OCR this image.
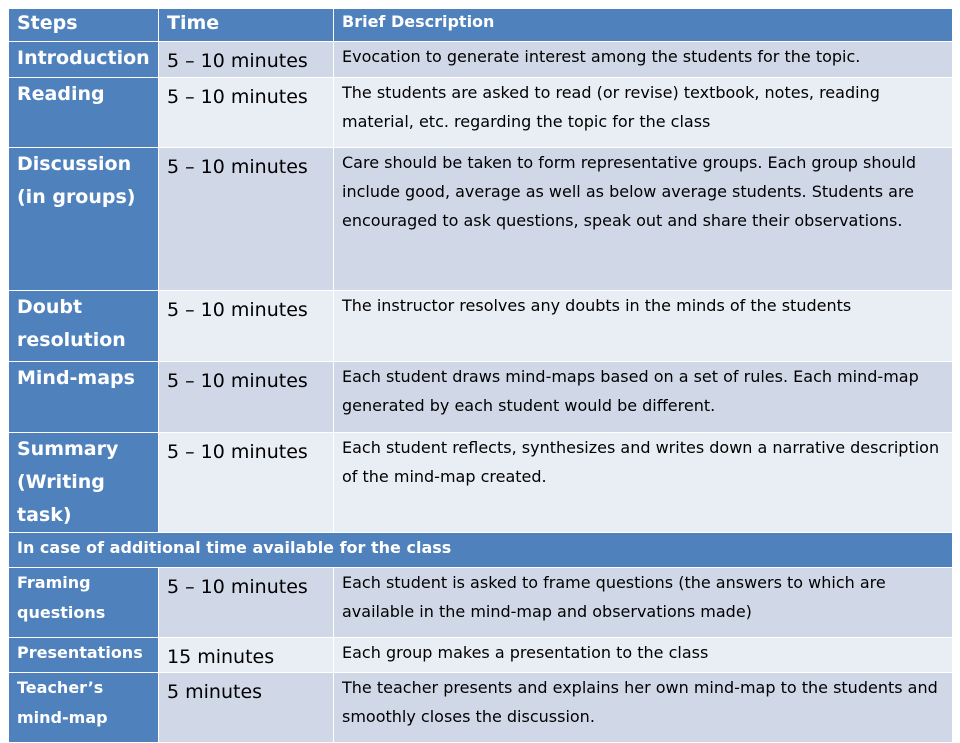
Steps	Time	Brief Description
Introduction	5 – 10 minutes	Evocation to generate interest among the students for the topic.
Reading	5 – 10 minutes	The students are asked to read (or revise) textbook, notes, reading material, etc. regarding the topic for the class
Discussion (in groups)	5 – 10 minutes	Care should be taken to form representative groups. Each group should include good, average as well as below average students. Students are encouraged to ask questions, speak out and share their observations.
Doubt resolution	5 – 10 minutes	The instructor resolves any doubts in the minds of the students
Mind-maps	5 – 10 minutes	Each student draws mind-maps based on a set of rules. Each mind-map generated by each student would be different.
Summary (Writing task)	5 – 10 minutes	Each student reflects, synthesizes and writes down a narrative description of the mind-map created.
In case of additional time available for the class		
Framing questions	5 – 10 minutes	Each student is asked to frame questions (the answers to which are available in the mind-map and observations made)
Presentations	15 minutes	Each group makes a presentation to the class
Teacher’s mind-map	5 minutes	The teacher presents and explains her own mind-map to the students and smoothly closes the discussion.
